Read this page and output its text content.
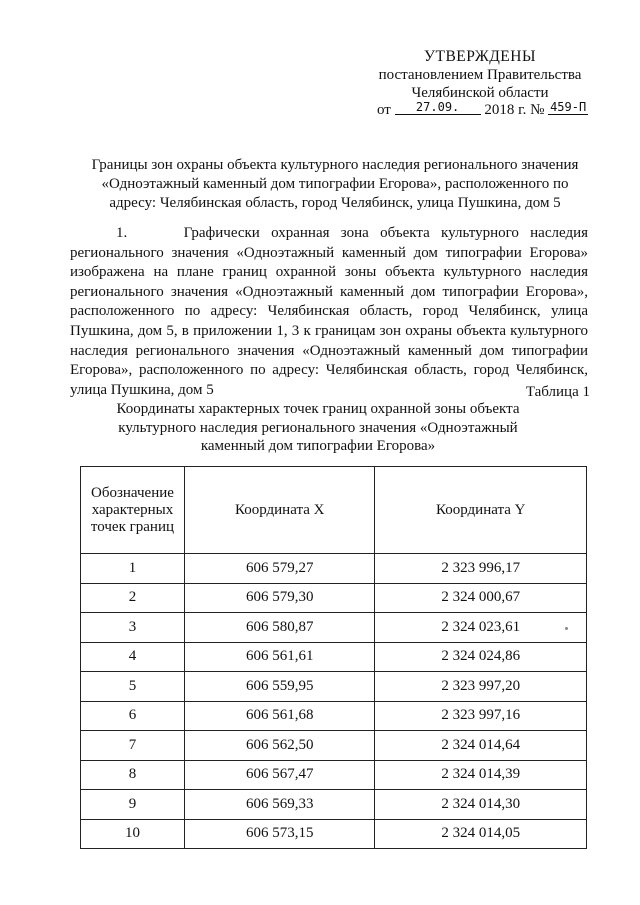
УТВЕРЖДЕНЫ
постановлением Правительства
Челябинской области
от 27.09. 2018 г. № 459-П
Границы зон охраны объекта культурного наследия регионального значения «Одноэтажный каменный дом типографии Егорова», расположенного по адресу: Челябинская область, город Челябинск, улица Пушкина, дом 5
1.	Графически охранная зона объекта культурного наследия регионального значения «Одноэтажный каменный дом типографии Егорова» изображена на плане границ охранной зоны объекта культурного наследия регионального значения «Одноэтажный каменный дом типографии Егорова», расположенного по адресу: Челябинская область, город Челябинск, улица Пушкина, дом 5, в приложении 1, 3 к границам зон охраны объекта культурного наследия регионального значения «Одноэтажный каменный дом типографии Егорова», расположенного по адресу: Челябинская область, город Челябинск, улица Пушкина, дом 5	Таблица 1
Координаты характерных точек границ охранной зоны объекта культурного наследия регионального значения «Одноэтажный каменный дом типографии Егорова»
Обозначение характерных точек границ	Координата X	Координата Y
1	606 579,27	2 323 996,17
2	606 579,30	2 324 000,67
3	606 580,87	2 324 023,61
4	606 561,61	2 324 024,86
5	606 559,95	2 323 997,20
6	606 561,68	2 323 997,16
7	606 562,50	2 324 014,64
8	606 567,47	2 324 014,39
9	606 569,33	2 324 014,30
10	606 573,15	2 324 014,05
